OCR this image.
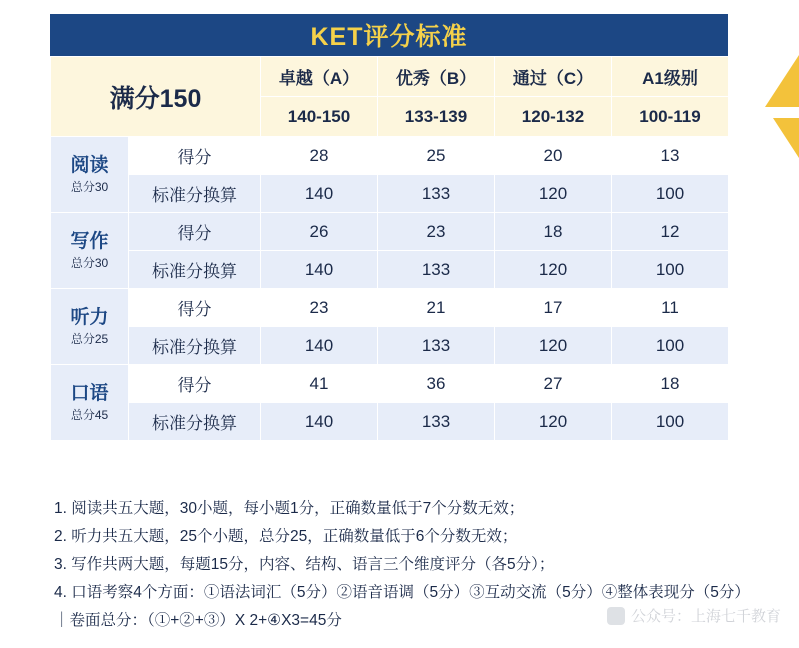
KET评分标准
满分150		卓越（A）	优秀（B）	通过（C）	A1级别
		140-150	133-139	120-132	100-119

阅读
总分30	得分	28	25	20	13
	标准分换算	140	133	120	100

写作
总分30	得分	26	23	18	12
	标准分换算	140	133	120	100

听力
总分25	得分	23	21	17	11
	标准分换算	140	133	120	100

口语
总分45	得分	41	36	27	18
	标准分换算	140	133	120	100
1. 阅读共五大题，30小题，每小题1分，正确数量低于7个分数无效；
2. 听力共五大题，25个小题，总分25，正确数量低于6个分数无效；
3. 写作共两大题，每题15分，内容、结构、语言三个维度评分（各5分）；
4. 口语考察4个方面：①语法词汇（5分）②语音语调（5分）③互动交流（5分）④整体表现分（5分）｜卷面总分：（①+②+③）X 2+④X3=45分	公众号：上海七千教育
